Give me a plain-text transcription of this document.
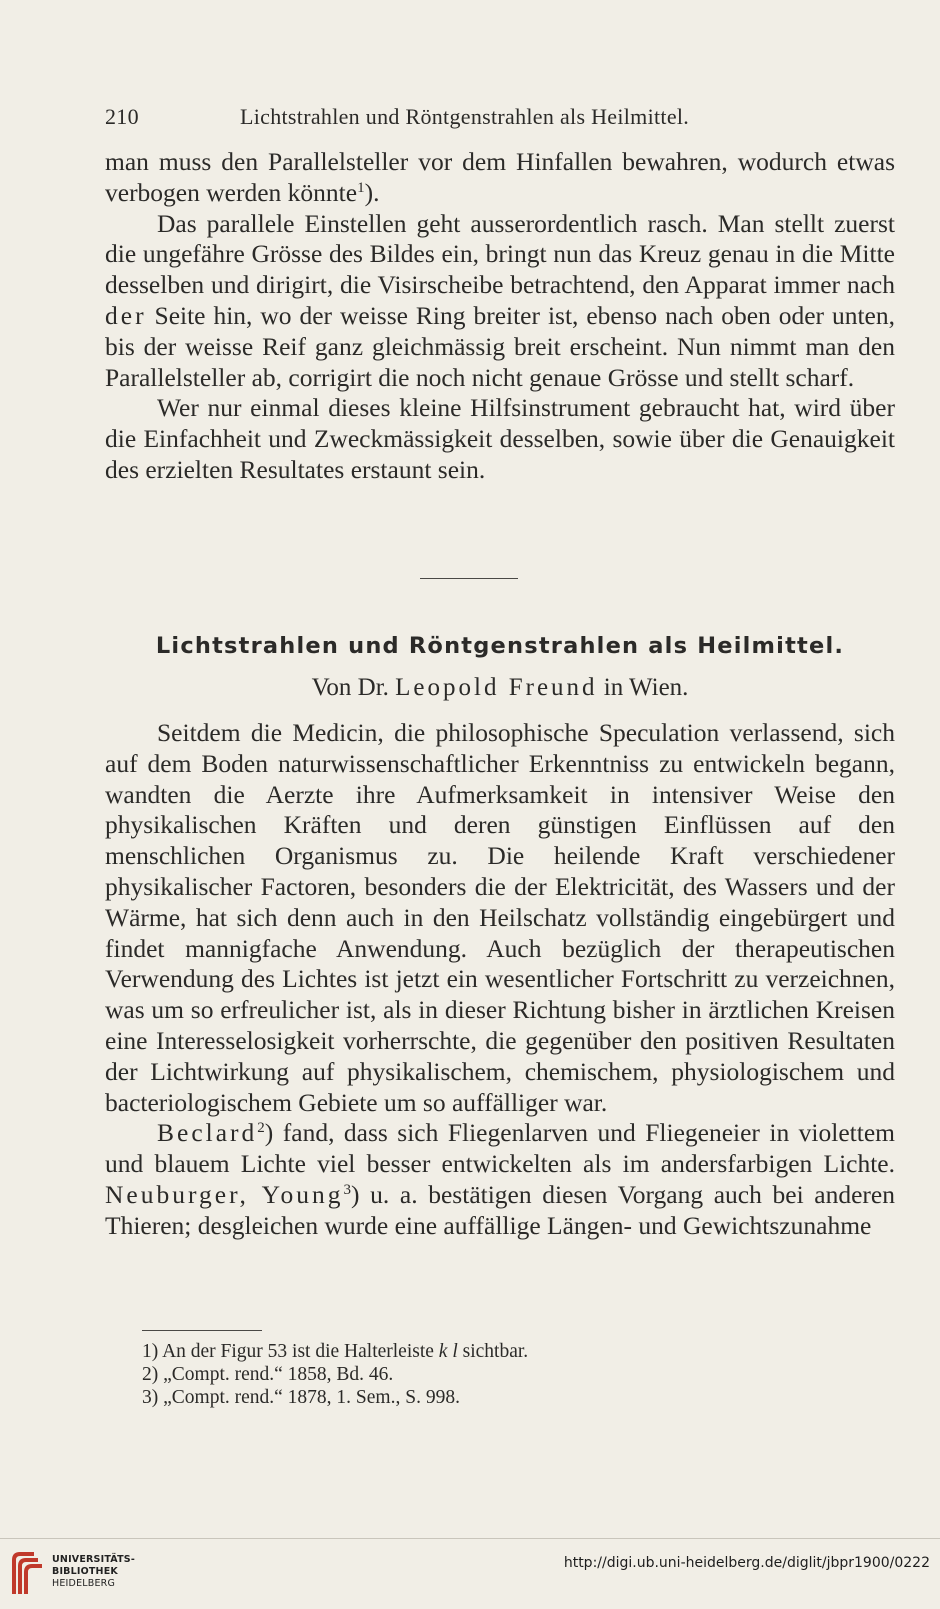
210	Lichtstrahlen und Röntgenstrahlen als Heilmittel.

man muss den Parallelsteller vor dem Hinfallen bewahren, wodurch etwas verbogen werden könnte$^1$).

Das parallele Einstellen geht ausserordentlich rasch. Man stellt zuerst die ungefähre Grösse des Bildes ein, bringt nun das Kreuz genau in die Mitte desselben und dirigirt, die Visirscheibe betrachtend, den Apparat immer nach der Seite hin, wo der weisse Ring breiter ist, ebenso nach oben oder unten, bis der weisse Reif ganz gleichmässig breit erscheint. Nun nimmt man den Parallelsteller ab, corrigirt die noch nicht genaue Grösse und stellt scharf.

Wer nur einmal dieses kleine Hilfsinstrument gebraucht hat, wird über die Einfachheit und Zweckmässigkeit desselben, sowie über die Genauigkeit des erzielten Resultates erstaunt sein.

Lichtstrahlen und Röntgenstrahlen als Heilmittel.
Von Dr. Leopold Freund in Wien.

Seitdem die Medicin, die philosophische Speculation verlassend, sich auf dem Boden naturwissenschaftlicher Erkenntniss zu entwickeln begann, wandten die Aerzte ihre Aufmerksamkeit in intensiver Weise den physikalischen Kräften und deren günstigen Einflüssen auf den menschlichen Organismus zu. Die heilende Kraft verschiedener physikalischer Factoren, besonders die der Elektricität, des Wassers und der Wärme, hat sich denn auch in den Heilschatz vollständig eingebürgert und findet mannigfache Anwendung. Auch bezüglich der therapeutischen Verwendung des Lichtes ist jetzt ein wesentlicher Fortschritt zu verzeichnen, was um so erfreulicher ist, als in dieser Richtung bisher in ärztlichen Kreisen eine Interesselosigkeit vorherrschte, die gegenüber den positiven Resultaten der Lichtwirkung auf physikalischem, chemischem, physiologischem und bacteriologischem Gebiete um so auffälliger war.

Beclard$^2$) fand, dass sich Fliegenlarven und Fliegeneier in violettem und blauem Lichte viel besser entwickelten als im andersfarbigen Lichte. Neuburger, Young$^3$) u. a. bestätigen diesen Vorgang auch bei anderen Thieren; desgleichen wurde eine auffällige Längen- und Gewichtszunahme

1) An der Figur 53 ist die Halterleiste k l sichtbar.
2) „Compt. rend.“ 1858, Bd. 46.
3) „Compt. rend.“ 1878, 1. Sem., S. 998.
UNIVERSITÄTS-
BIBLIOTHEK
HEIDELBERG
http://digi.ub.uni-heidelberg.de/diglit/jbpr1900/0222
